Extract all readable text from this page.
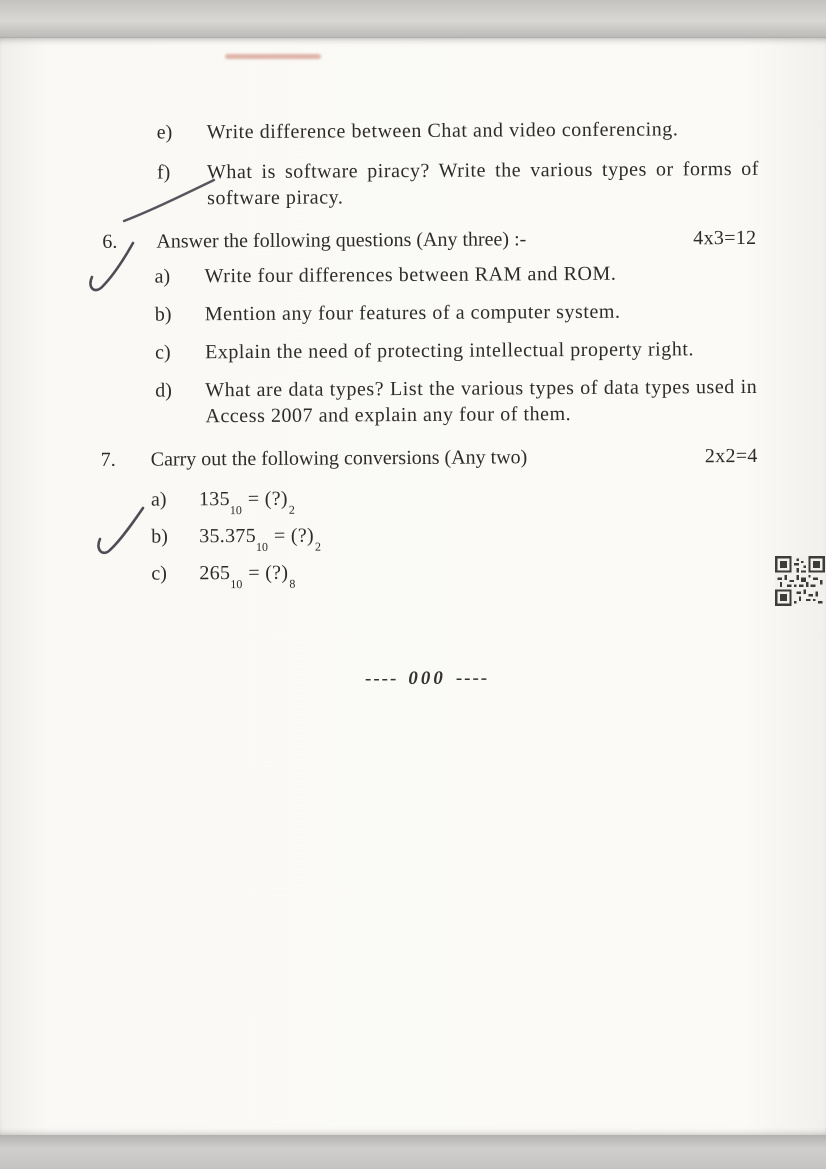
e)	Write difference between Chat and video conferencing.

f)	What is software piracy? Write the various types or forms of software piracy.

6.	Answer the following questions (Any three) :-	4x3=12
a)	Write four differences between RAM and ROM.

b)	Mention any four features of a computer system.

c)	Explain the need of protecting intellectual property right.

d)	What are data types? List the various types of data types used in Access 2007 and explain any four of them.

7.	Carry out the following conversions (Any two)	2x2=4
a)	$135_{10}=$ $(?)_2$
b)	$35.375_{10}=$ $(?)_2$
c)	$265_{10}=$ $(?)_8$
---- 000 ----
